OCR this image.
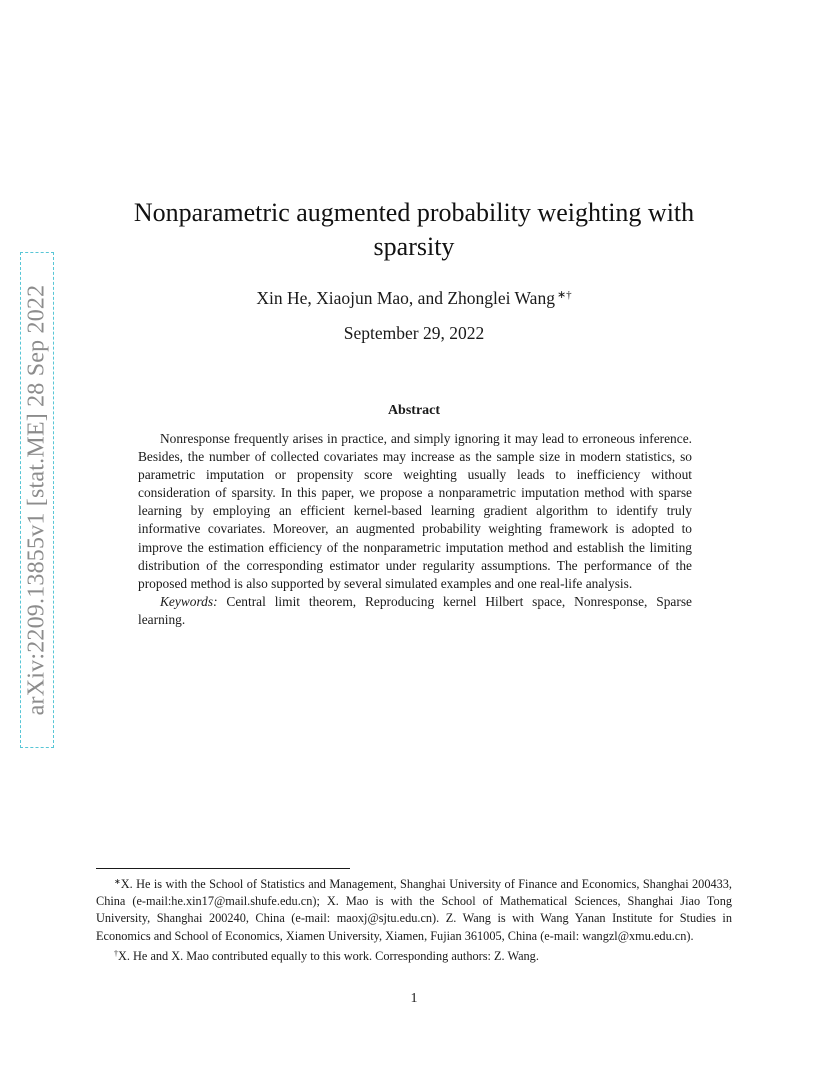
arXiv:2209.13855v1 [stat.ME] 28 Sep 2022
Nonparametric augmented probability weighting with
sparsity
Xin He, Xiaojun Mao, and Zhonglei Wang ∗†
September 29, 2022
Abstract

Nonresponse frequently arises in practice, and simply ignoring it may lead to erroneous inference. Besides, the number of collected covariates may increase as the sample size in modern statistics, so parametric imputation or propensity score weighting usually leads to inefficiency without consideration of sparsity. In this paper, we propose a nonparametric imputation method with sparse learning by employing an efficient kernel-based learning gradient algorithm to identify truly informative covariates. Moreover, an augmented probability weighting framework is adopted to improve the estimation efficiency of the nonparametric imputation method and establish the limiting distribution of the corresponding estimator under regularity assumptions. The performance of the proposed method is also supported by several simulated examples and one real-life analysis.

Keywords: Central limit theorem, Reproducing kernel Hilbert space, Nonresponse, Sparse learning.

∗X. He is with the School of Statistics and Management, Shanghai University of Finance and Economics, Shanghai 200433, China (e-mail:he.xin17@mail.shufe.edu.cn); X. Mao is with the School of Mathematical Sciences, Shanghai Jiao Tong University, Shanghai 200240, China (e-mail: maoxj@sjtu.edu.cn). Z. Wang is with Wang Yanan Institute for Studies in Economics and School of Economics, Xiamen University, Xiamen, Fujian 361005, China (e-mail: wangzl@xmu.edu.cn).

†X. He and X. Mao contributed equally to this work. Corresponding authors: Z. Wang.

1
